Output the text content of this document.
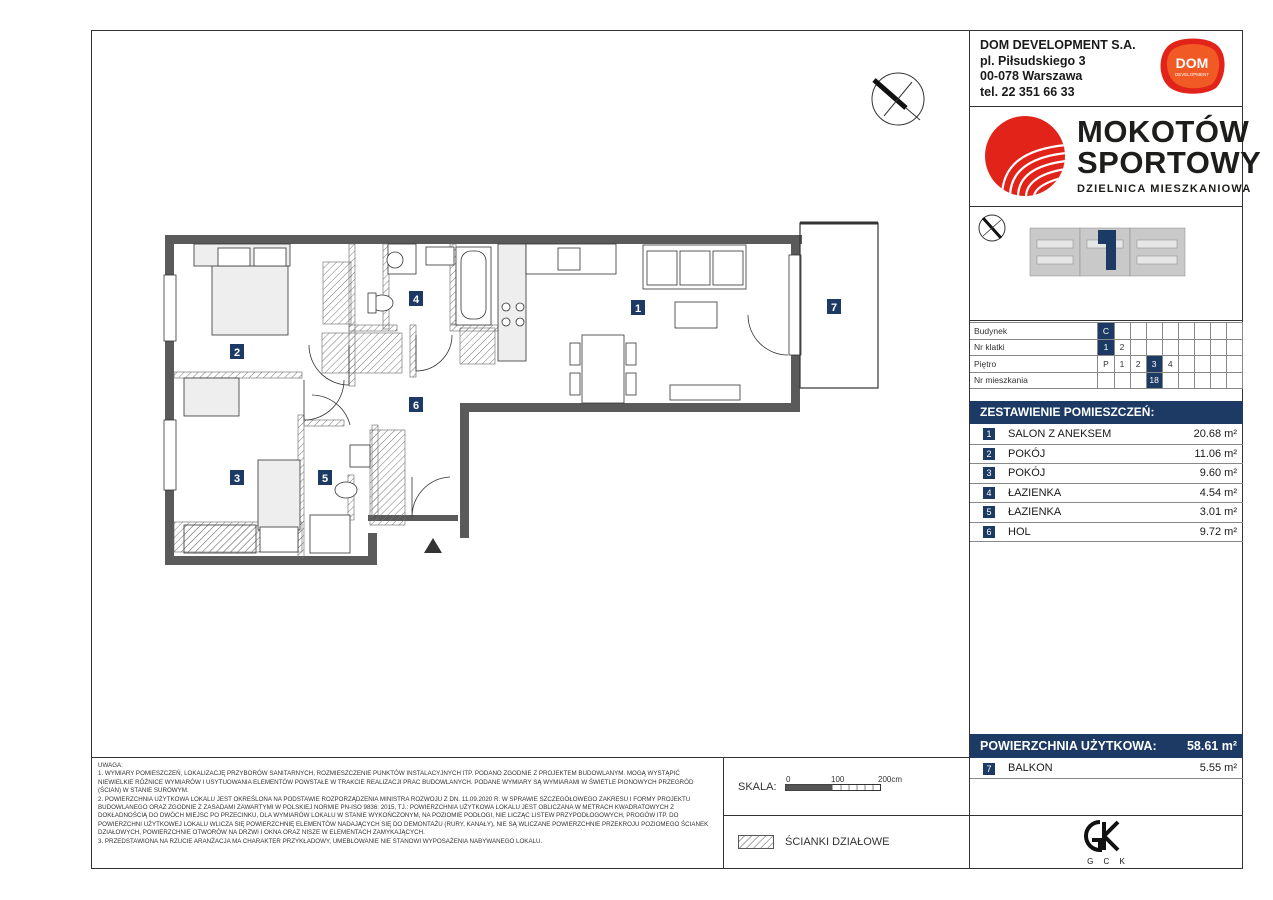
DOM DEVELOPMENT S.A.
pl. Piłsudskiego 3
00-078 Warszawa
tel. 22 351 66 33
DOM
DEVELOPMENT
MOKOTÓW
SPORTOWY
DZIELNICA MIESZKANIOWA
Budynek	C								
Nr klatki	1	2							
Piętro	P	1	2	3	4				
Nr mieszkania				18					
ZESTAWIENIE POMIESZCZEŃ:
1	SALON Z ANEKSEM	20.68 m²
2	POKÓJ	11.06 m²
3	POKÓJ	9.60 m²
4	ŁAZIENKA	4.54 m²
5	ŁAZIENKA	3.01 m²
6	HOL	9.72 m²
POWIERZCHNIA UŻYTKOWA: 58.61 m²
7	BALKON	5.55 m²
G C K

UWAGA:

1. WYMIARY POMIESZCZEŃ, LOKALIZACJĘ PRZYBORÓW SANITARNYCH, ROZMIESZCZENIE PUNKTÓW INSTALACYJNYCH ITP. PODANO ZGODNIE Z PROJEKTEM BUDOWLANYM. MOGĄ WYSTĄPIĆ NIEWIELKIE RÓŻNICE WYMIARÓW I USYTUOWANIA ELEMENTÓW POWSTAŁE W TRAKCIE REALIZACJI PRAC BUDOWLANYCH. PODANE WYMIARY SĄ WYMIARAMI W ŚWIETLE PIONOWYCH PRZEGRÓD (ŚCIAN) W STANIE SUROWYM.

2. POWIERZCHNIA UŻYTKOWA LOKALU JEST OKREŚLONA NA PODSTAWIE ROZPORZĄDZENIA MINISTRA ROZWOJU Z DN. 11.09.2020 R. W SPRAWIE SZCZEGÓŁOWEGO ZAKRESU I FORMY PROJEKTU BUDOWLANEGO ORAZ ZGODNIE Z ZASADAMI ZAWARTYMI W POLSKIEJ NORMIE PN-ISO 9836: 2015, TJ.: POWIERZCHNIA UŻYTKOWA LOKALU JEST OBLICZANA W METRACH KWADRATOWYCH Z DOKŁADNOŚCIĄ DO DWÓCH MIEJSC PO PRZECINKU, DLA WYMIARÓW LOKALU W STANIE WYKOŃCZONYM, NA POZIOMIE PODŁOGI, NIE LICZĄC LISTEW PRZYPODŁOGOWYCH, PROGÓW ITP. DO POWIERZCHNI UŻYTKOWEJ LOKALU WLICZA SIĘ POWIERZCHNIĘ ELEMENTÓW NADAJĄCYCH SIĘ DO DEMONTAŻU (RURY, KANAŁY), NIE SĄ WLICZANE POWIERZCHNIE PRZEKROJU POZIOMEGO ŚCIANEK DZIAŁOWYCH, POWIERZCHNIE OTWORÓW NA DRZWI I OKNA ORAZ NISZE W ELEMENTACH ZAMYKAJĄCYCH.

3. PRZEDSTAWIONA NA RZUCIE ARANŻACJA MA CHARAKTER PRZYKŁADOWY, UMEBLOWANIE NIE STANOWI WYPOSAŻENIA NABYWANEGO LOKALU.

SKALA:
0	100	200cm
ŚCIANKI DZIAŁOWE
1
2
3
4
5
6
7
